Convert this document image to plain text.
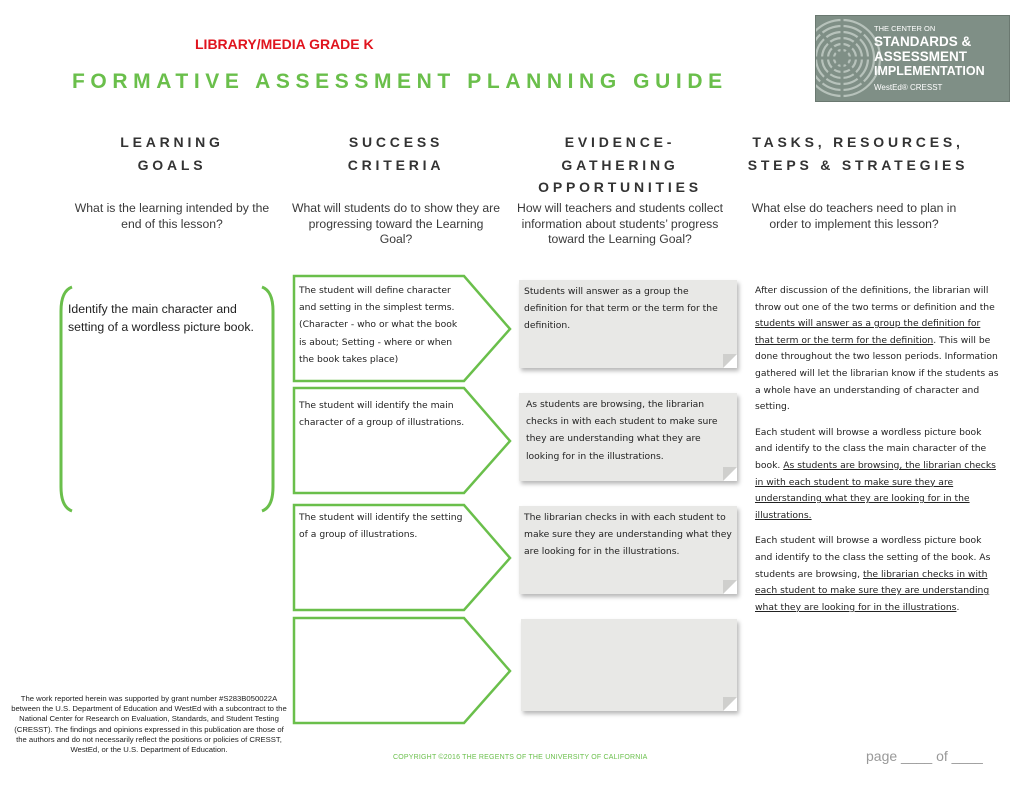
LIBRARY/MEDIA GRADE K
FORMATIVE ASSESSMENT PLANNING GUIDE
THE CENTER ON
STANDARDS &
ASSESSMENT
IMPLEMENTATION
WestEd® CRESST
LEARNING
GOALS
SUCCESS
CRITERIA
EVIDENCE-
GATHERING
OPPORTUNITIES
TASKS, RESOURCES,
STEPS & STRATEGIES
What is the learning intended by the end of this lesson?
What will students do to show they are progressing toward the Learning Goal?
How will teachers and students collect information about students’ progress toward the Learning Goal?
What else do teachers need to plan in order to implement this lesson?
Identify the main character and setting of a wordless picture book.
The student will define character and setting in the simplest terms. (Character - who or what the book is about; Setting - where or when the book takes place)
The student will identify the main character of a group of illustrations.
The student will identify the setting of a group of illustrations.
Students will answer as a group the definition for that term or the term for the definition.
As students are browsing, the librarian checks in with each student to make sure they are understanding what they are looking for in the illustrations.
The librarian checks in with each student to make sure they are understanding what they are looking for in the illustrations.

After discussion of the definitions, the librarian will throw out one of the two terms or definition and the students will answer as a group the definition for that term or the term for the definition. This will be done throughout the two lesson periods. Information gathered will let the librarian know if the students as a whole have an understanding of character and setting.

Each student will browse a wordless picture book and identify to the class the main character of the book. As students are browsing, the librarian checks in with each student to make sure they are understanding what they are looking for in the illustrations.

Each student will browse a wordless picture book and identify to the class the setting of the book. As students are browsing, the librarian checks in with each student to make sure they are understanding what they are looking for in the illustrations.

The work reported herein was supported by grant number #S283B050022A between the U.S. Department of Education and WestEd with a subcontract to the National Center for Research on Evaluation, Standards, and Student Testing (CRESST). The findings and opinions expressed in this publication are those of the authors and do not necessarily reflect the positions or policies of CRESST, WestEd, or the U.S. Department of Education.
COPYRIGHT ©2016 THE REGENTS OF THE UNIVERSITY OF CALIFORNIA	page ____ of ____
